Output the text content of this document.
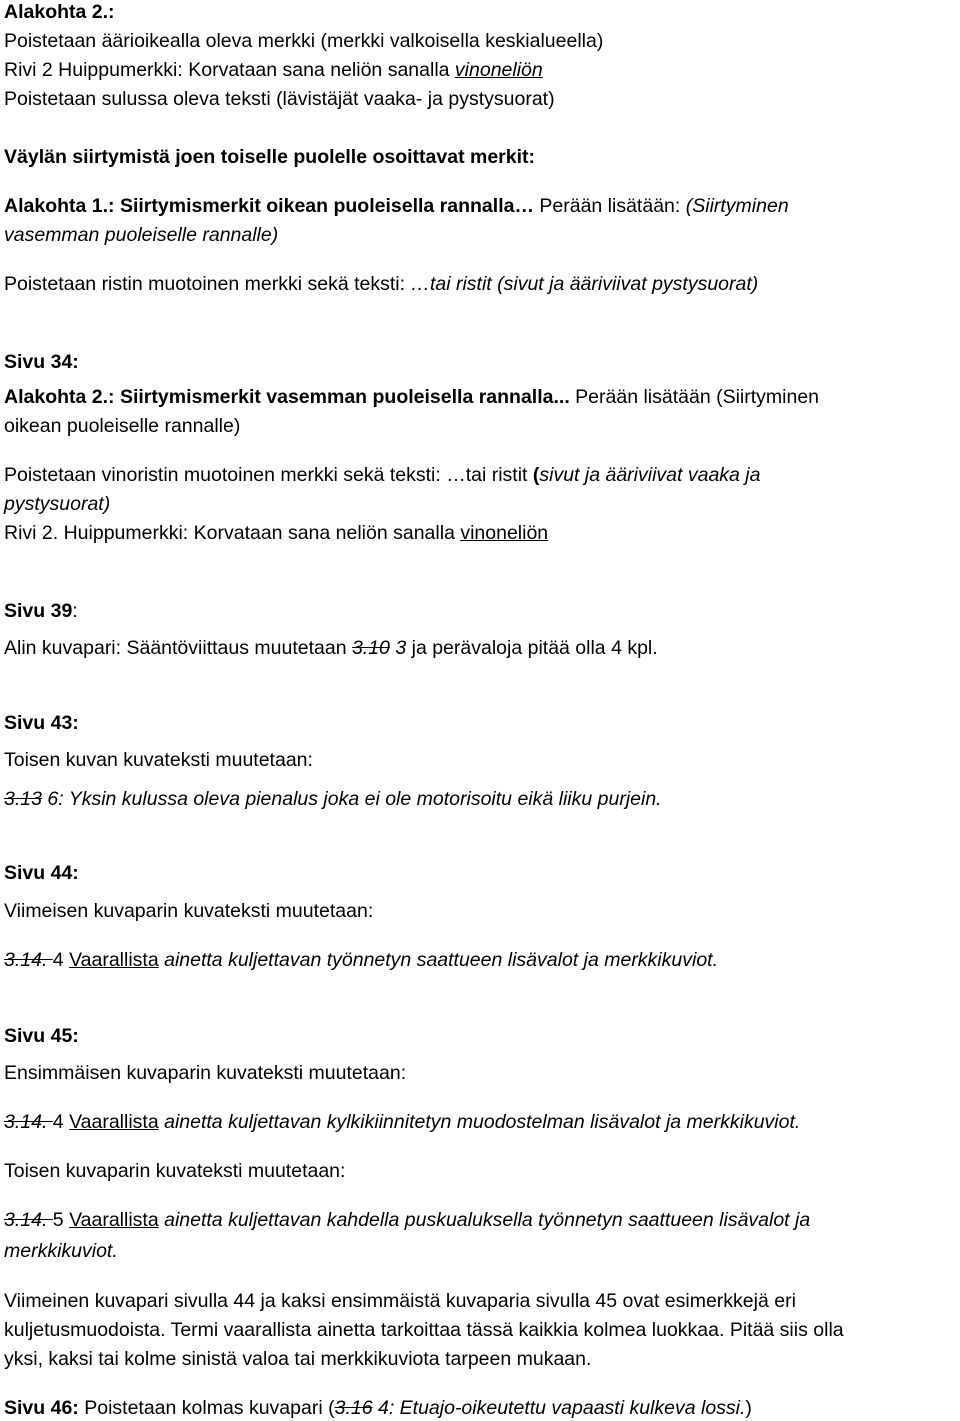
Alakohta 2.:
Poistetaan äärioikealla oleva merkki (merkki valkoisella keskialueella)
Rivi 2 Huippumerkki: Korvataan sana neliön sanalla vinoneliön
Poistetaan sulussa oleva teksti (lävistäjät vaaka- ja pystysuorat)
Väylän siirtymistä joen toiselle puolelle osoittavat merkit:
Alakohta 1.: Siirtymismerkit oikean puoleisella rannalla… Perään lisätään: (Siirtyminen
vasemman puoleiselle rannalle)
Poistetaan ristin muotoinen merkki sekä teksti: …tai ristit (sivut ja ääriviivat pystysuorat)
Sivu 34:
Alakohta 2.: Siirtymismerkit vasemman puoleisella rannalla... Perään lisätään (Siirtyminen
oikean puoleiselle rannalle)
Poistetaan vinoristin muotoinen merkki sekä teksti: …tai ristit (sivut ja ääriviivat vaaka ja
pystysuorat)
Rivi 2. Huippumerkki: Korvataan sana neliön sanalla vinoneliön
Sivu 39:
Alin kuvapari: Sääntöviittaus muutetaan 3.10 3 ja perävaloja pitää olla 4 kpl.
Sivu 43:
Toisen kuvan kuvateksti muutetaan:
3.13 6: Yksin kulussa oleva pienalus joka ei ole motorisoitu eikä liiku purjein.
Sivu 44:
Viimeisen kuvaparin kuvateksti muutetaan:
3.14. 4 Vaarallista ainetta kuljettavan työnnetyn saattueen lisävalot ja merkkikuviot.
Sivu 45:
Ensimmäisen kuvaparin kuvateksti muutetaan:
3.14. 4 Vaarallista ainetta kuljettavan kylkikiinnitetyn muodostelman lisävalot ja merkkikuviot.
Toisen kuvaparin kuvateksti muutetaan:
3.14. 5 Vaarallista ainetta kuljettavan kahdella puskualuksella työnnetyn saattueen lisävalot ja
merkkikuviot.
Viimeinen kuvapari sivulla 44 ja kaksi ensimmäistä kuvaparia sivulla 45 ovat esimerkkejä eri
kuljetusmuodoista. Termi vaarallista ainetta tarkoittaa tässä kaikkia kolmea luokkaa. Pitää siis olla
yksi, kaksi tai kolme sinistä valoa tai merkkikuviota tarpeen mukaan.
Sivu 46: Poistetaan kolmas kuvapari (3.16 4: Etuajo-oikeutettu vapaasti kulkeva lossi.)
